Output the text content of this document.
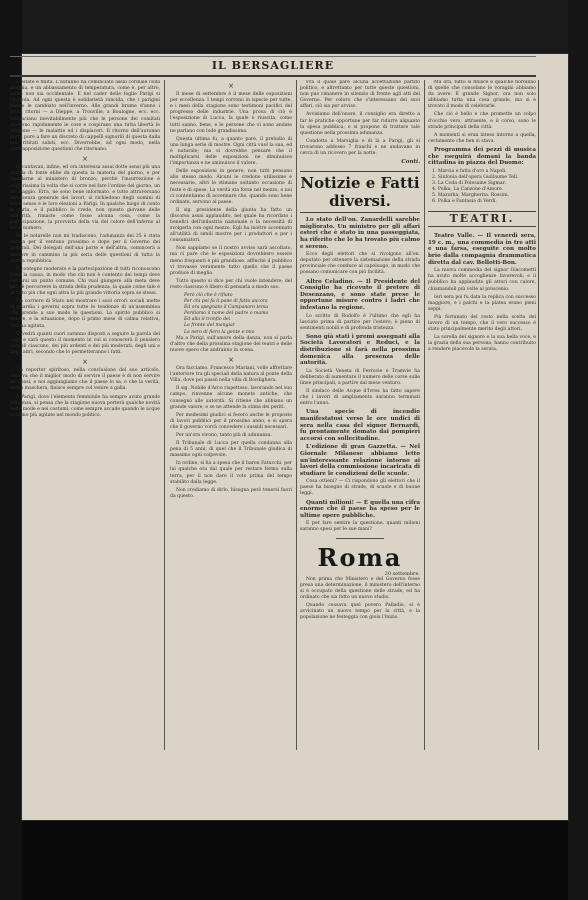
IL BERSAGLIERE

L'estate è finita. L'autunno ha cominciato assai cordiale colla pioggia, e un abbassamento di temperatura, come è, per altro, solito non sia occidentale. E nel cader delle foglie Parigi si ripopola. Ad ogni questa è solidarietà rancida, che i parigini hanno le cambiato nell'inverno. Alle grandi brume d'anno i primi ritorni — a Dieppe, a Trouville, a Boulogne, ecc. ecc. cominciano inevitabilmente più che le persone dei comitati ricevono rapidamente le cose e cospirano una tutta libertà le stagione — le malattie ed i dispiaceri. Il ritorno dell'autunno porta pure a fare un discreto di cappelli signorili di questa dalla noi, ritirati saluti, ecc. Diverrebbe, ad ogni modo, nella contrapposizione questioni che ritornano.

×

Si cantavan, infine, ed ora interessa assai dotte sensi più una notizia di fonte ebbe da questa la materia del giorno, e per riparlarne al ministero di bronzo; perchè l'insurrezione è volgarissima la volta che si corre nel fare l'ordine del giorno, un 16 maggio. Erra, ne sono bene informato, e tutto attraversano un'assenza generale dei lavori, si richiedono degli uomini di buon senso e le loro elezioni a Parigi. In qualche luogo di conto si parla, e il pubblico lo crede, non questo giovane delle maturità, rimaste come fosse alcuna cosa, come la partecipazione, la provvista della via del colore dell'inferno al buon numero.

Se le notarelle non mi tradiscono, l'adunanza dei 25 è stata fissata per il ventuno prossimo e dopo per il Governo dei generali. Dei delegati dell'una parte e dell'altra, comincerà a mettere in cammino la più seria delle questioni di tutta la nostra repubblica.

Il contegno moderato e la partecipazione di tutti riconoscono bene la causa, in modo che chi non è contento dei tempi deve cercarsi un punto comune. Chi vuol giungere alla meta deve per sè percorrere la strada della prudenza, la quale come tale è di fatto più che ogni altra la più grande vittoria sopra se stessi.

Un corriere di Stato nel mostrare i suoi orrori sociali mette in guardia i governi sopra tutte le tendenze di un'assemblea che prende a suo modo le questioni. Lo spirito pubblico si muove, e la situazione, dopo il primo mese di calma relativa, ritorna agitata.

Si vedrà quanti cuori saranno disposti a seguire la parola del capo e sarà questo il momento in cui si conoscerà il pensiero vero di ciascuno, dei più ardenti e dei più moderati, degli uni e degli altri, secondo che lo permetteranno i fatti.

×

Un reporter spiritoso, nella conclusione del suo articolo, osserva che il miglior modo di servire il paese è di non servire se stessi; e noi aggiungiamo che il paese lo sa, e che la verità, senza maschera, finisce sempre col venire a galla.

A Parigi, dove l'elemento femminile ha sempre avuto grande influenza, si pensa che la stagione nuova porterà qualche novità nelle mode e nei costumi, come sempre accade quando le acque si fanno più agitate nel mondo politico.

×

Il mese di settembre è il mese delle esposizioni per eccellenza. I tempi corrono in ispecie per tutte, e i mesi della stagione sono testimoni pacifici del progresso delle industrie. Una prova di ciò è l'esposizione di Lucca, la quale è riuscita, come tutti sanno, bene, e le persone che vi sono andate ne parlano con lode grandissima.

Questa ultima fu, a quanto pare, il preludio di una lunga serie di mostre. Ogni città vuol la sua, ed è naturale; ma si dovrebbe pensare che il moltiplicarsi delle esposizioni ne diminuisce l'importanza e ne sminuisce il valore.

Delle esposizioni in genere, non tutti pensano allo stesso modo. Alcuni le credono utilissime e necessarie, altri le stimano soltanto occasione di feste e di spese. La verità sta forse nel mezzo, e noi ci contentiamo di accennare che, quando sono bene ordinate, servono al paese.

Il sig. presidente della giunta ha fatto un discorso assai applaudito, nel quale ha ricordato i benefici dell'industria nazionale e la necessità di svolgerla con ogni mezzo. Egli ha inoltre accennato all'utilità di simili mostre per i produttori e per i consumatori.

Non sappiamo se il nostro avviso sarà ascoltato, ma ci pare che le esposizioni dovrebbero essere meno frequenti e più grandiose, affinchè il pubblico vi trovasse veramente tutto quello che il paese produce di meglio.

Tutto questo si dice per chi vuole intendere; del resto ciascuno è libero di pensarla a modo suo.

Però ciò che è rifiuto
Per chi poi fa il pane di fatto ancora
Ed ora spegnato il Campanaro tema
Perdiamo il nome del padre o mamo
Ed alla il tronfio dei
La fronte del mangiar
La nero di fiero la gente e mio

Ma a Parigi, sull'amore della danza, non si parla d'altro che della prossima stagione dei teatri e delle nuove opere che andranno in scena.

×

Ora facciamo. Francesco Mariani, volle affrettare l'anteriore tra gli speciali della natura al ponte della Villa, dove poi passò nella villa di Bordighera.

Il sig. Nobile d'Arco rispettoso, lavorando nel suo campo, rinvenne alcune monete antiche, che consegnò alle autorità. Si ritiene che abbiano un grande valore, e se ne attende la stima dei periti.

Per medesimi giudici si fecero anche le proposte di lavori pubblici per il prossimo anno, e si spera che il governo vorrà concedere i sussidi necessari.

Per un'ora vivono, tanto più di adunanza.

Il Tribunale di Lucca per quella condanna alla pena di 5 anni, di quel che il Tribunale giudica di massimo ogni colpevole.

In ordine, si ha a spesa che il baron Fatucchi, per lui qualche ora dal quale per restare fermo sulla terra, per il non dare il voto prima del tempo stabilito dalla legge.

Non crediamo di dirlo, bisogna però tenersi fuori da questo.

Fra il quale pare alcuna accettazione partito politico, e altrettanto per tutte queste questioni, non può rimanere in silenzio di fronte agli atti del Governo. Per coloro che s'interessano dei suoi affari, ciò sia per avviso.

Avvisiamo dell'onore, il consiglio era diretto a far le pratiche opportune per far ridurre alquanto la spesa pubblica; e si propone di trattare tale questione nella prossima adunanza.

Condotto a Marsiglia e di là a Parigi, gli si trovarono addosso 7 franchi e ne andavano in cerca di un ricovero per la notte.

Conti.
Notizie e Fatti diversi.

Lo stato dell'on. Zanardelli sarebbe migliorato. Un ministro per gli affari esteri che è stato in una passeggiata, ha riferito che lo ha trovato più calmo e sereno.

Ecco degli elettori che si rivolgono all'on. deputato per ottenere la sistemazione della strada provinciale che conduce al capoluogo, in modo che possano comunicare con più facilità.

Altro Celadino. — Il Presidente del Consiglio ha ricevuto il pretore di Desenzano, e sono state prese le opportune misure contro i ladri che infestano la regione.

Lo scritto di Rodolfo è l'ultimo che egli ha lasciato prima di partire per l'estero; è pieno di sentimenti nobili e di profonda tristezza.

Sono già stati i premi assegnati alla Società Lavoratori e Reduci, e la distribuzione si farà nella prossima domenica alla presenza delle autorità.

La Società Veneta di Ferrovie e Tramvie ha deliberato di aumentare il numero delle corse sulle linee principali, a partire dal mese venturo.

Il sindaco delle Acque d'Ivrea ha fatto sapere che i lavori di ampliamento saranno terminati entro l'anno.

Una specie di incendio manifestatosi verso le ore undici di sera nella casa del signor Bernardi, fu prontamente domato dai pompieri accorsi con sollecitudine.

L'edizione di gran Gazzetta. — Nel Giornale Milanese abbiamo letto un'interessante relazione intorno ai lavori della commissione incaricata di studiare le condizioni delle scuole.

Cosa ottieni? — Ci rispondono gli elettori che il paese ha bisogno di strade, di scuole e di buone leggi.

Quanti milioni! — È quella una cifra enorme che il paese ha speso per le ultime opere pubbliche.

E per fare sentire la questione, quanti milioni saranno spesi per le sue mani?

Roma
20 settembre.

Non prima che Ministero e del Governo fosse presa una determinazione, il ministero dell'interno si è occupato della questione delle strade, ed ha ordinato che sia fatto un nuovo studio.

Quando cessava quel povero Palladio, si è avvicinato un nuovo tempo per la città, e la popolazione ne festeggia con gioia l'inizio.

Ma ora, tutto si finisce e qualche fiorellino di quelle che consolano le voragini abbiamo da avere. E grande Signor, ora non solo abbiamo tutta una cosa grande, ma si è trovato il modo di celebrarle.

Che ciò è bello e che promette un colpo d'occhio vero, attraente, e il corso, sono le strade principali della città.

A momenti si eran inteso intorno a quella, certamente che ben si stava.

Programma dei pezzi di musica che eseguirà domani la banda cittadina in piazza del Duomo:

1. Marcia e fatta d'oro a Napoli.
2. Sinfonia dell'opera Guillaume Tell.
3. La Coda di Polesaine Sigmar.
4. Polka, La Canzone d'Amore.
5. Mazurka, Margherita. Rossini.
6. Polka e Fantasia di Verdi.
TEATRI.

Teatro Valle. — Il venerdì sera, 19 c. m., una commedia in tre atti e una farsa, eseguite con molto brio dalla compagnia drammatica diretta dal cav. Bellotti-Bon.

La nuova commedia del signor Giacometti ha avuto molte accoglienze favorevoli; e il pubblico ha applaudito gli attori con calore, chiamandoli più volte al proscenio.

Ieri sera poi fu data la replica con successo maggiore, e i palchi e la platea erano pieni zeppi.

Più fortunato del resto nella scelta del lavoro di un tempo, che il vero successo è stato principalmente merito degli attori.

La sorella del signore e la sua bella voce, e la grazia della sua persona, hanno contribuito a rendere piacevole la serata.
